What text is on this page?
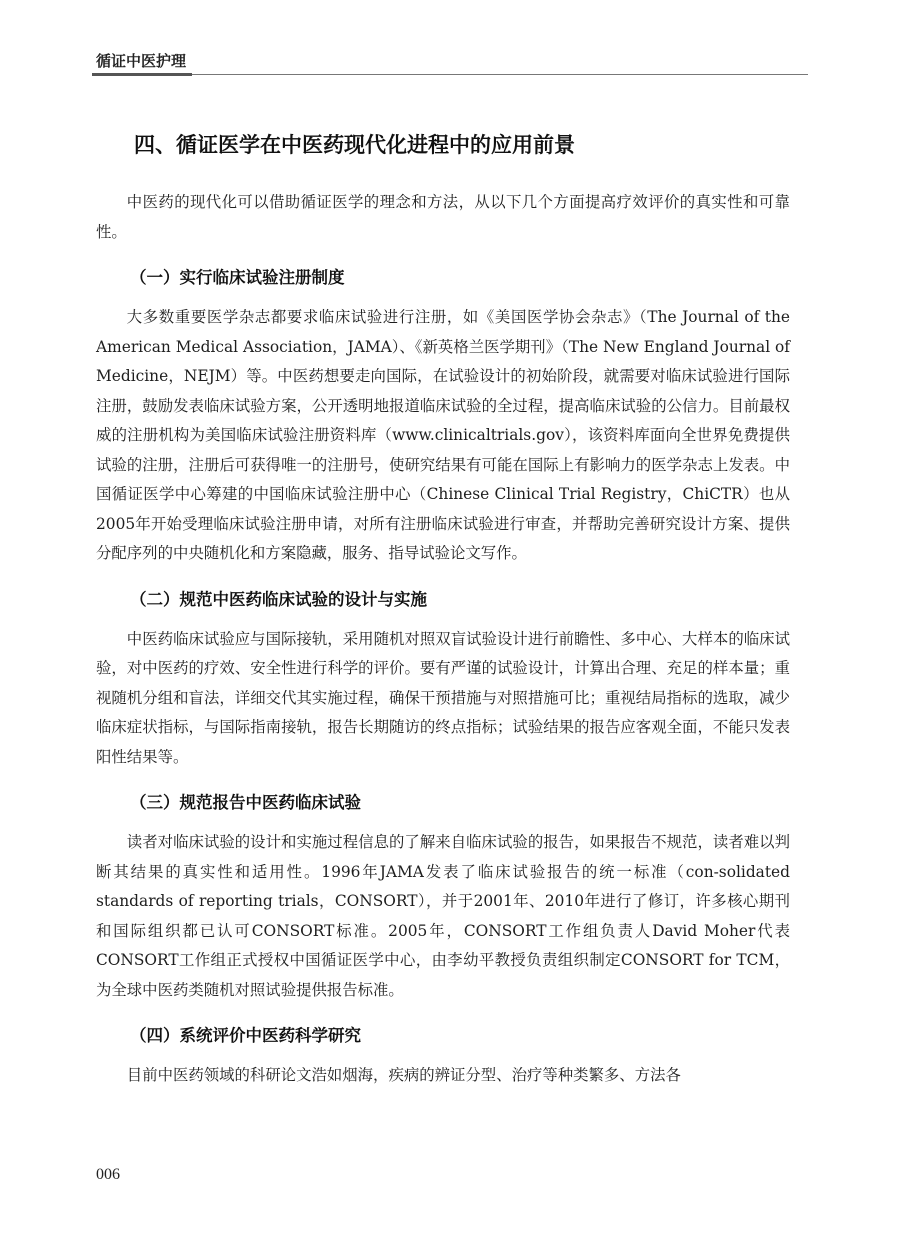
循证中医护理
四、循证医学在中医药现代化进程中的应用前景

中医药的现代化可以借助循证医学的理念和方法，从以下几个方面提高疗效评价的真实性和可靠性。

（一）实行临床试验注册制度

大多数重要医学杂志都要求临床试验进行注册，如《美国医学协会杂志》（The Journal of the American Medical Association，JAMA）、《新英格兰医学期刊》（The New England Journal of Medicine，NEJM）等。中医药想要走向国际，在试验设计的初始阶段，就需要对临床试验进行国际注册，鼓励发表临床试验方案，公开透明地报道临床试验的全过程，提高临床试验的公信力。目前最权威的注册机构为美国临床试验注册资料库（www.clinicaltrials.gov），该资料库面向全世界免费提供试验的注册，注册后可获得唯一的注册号，使研究结果有可能在国际上有影响力的医学杂志上发表。中国循证医学中心筹建的中国临床试验注册中心（Chinese Clinical Trial Registry，ChiCTR）也从2005年开始受理临床试验注册申请，对所有注册临床试验进行审查，并帮助完善研究设计方案、提供分配序列的中央随机化和方案隐藏，服务、指导试验论文写作。

（二）规范中医药临床试验的设计与实施

中医药临床试验应与国际接轨，采用随机对照双盲试验设计进行前瞻性、多中心、大样本的临床试验，对中医药的疗效、安全性进行科学的评价。要有严谨的试验设计，计算出合理、充足的样本量；重视随机分组和盲法，详细交代其实施过程，确保干预措施与对照措施可比；重视结局指标的选取，减少临床症状指标，与国际指南接轨，报告长期随访的终点指标；试验结果的报告应客观全面，不能只发表阳性结果等。

（三）规范报告中医药临床试验

读者对临床试验的设计和实施过程信息的了解来自临床试验的报告，如果报告不规范，读者难以判断其结果的真实性和适用性。1996年JAMA发表了临床试验报告的统一标准（con-solidated standards of reporting trials，CONSORT），并于2001年、2010年进行了修订，许多核心期刊和国际组织都已认可CONSORT标准。2005年，CONSORT工作组负责人David Moher代表CONSORT工作组正式授权中国循证医学中心，由李幼平教授负责组织制定CONSORT for TCM，为全球中医药类随机对照试验提供报告标准。

（四）系统评价中医药科学研究

目前中医药领域的科研论文浩如烟海，疾病的辨证分型、治疗等种类繁多、方法各

006
